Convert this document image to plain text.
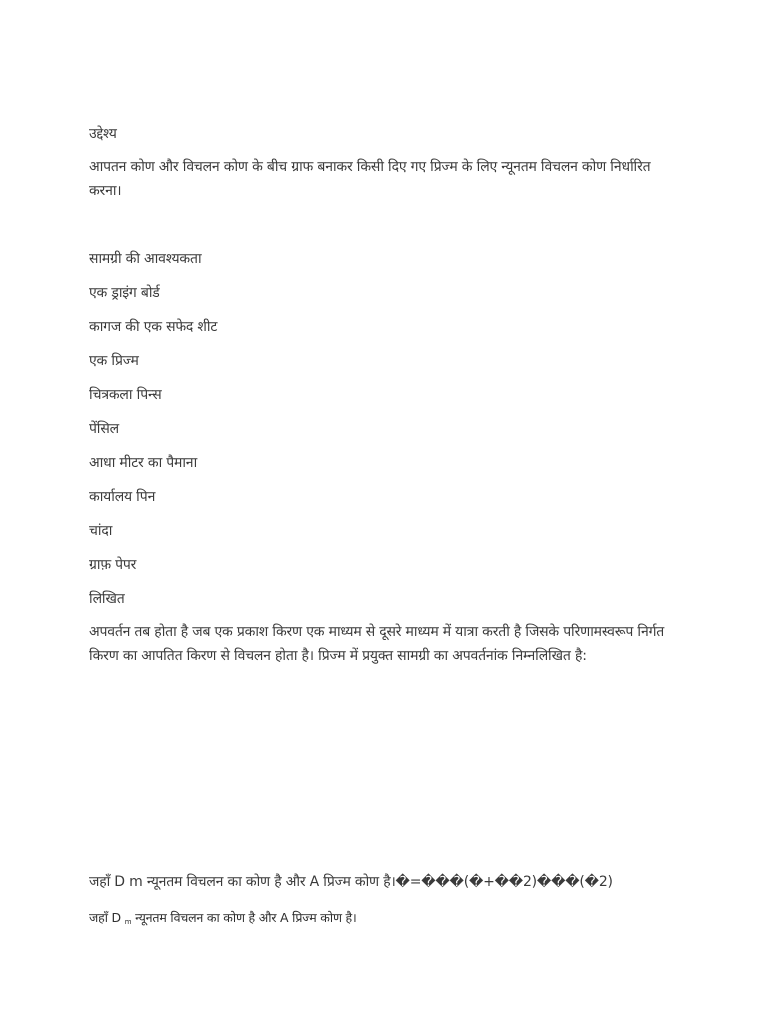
उद्देश्य

आपतन कोण और विचलन कोण के बीच ग्राफ बनाकर किसी दिए गए प्रिज्म के लिए न्यूनतम विचलन कोण निर्धारित करना।

सामग्री की आवश्यकता

एक ड्राइंग बोर्ड

कागज की एक सफेद शीट

एक प्रिज्म

चित्रकला पिन्स

पेंसिल

आधा मीटर का पैमाना

कार्यालय पिन

चांदा

ग्राफ़ पेपर

लिखित

अपवर्तन तब होता है जब एक प्रकाश किरण एक माध्यम से दूसरे माध्यम में यात्रा करती है जिसके परिणामस्वरूप निर्गत किरण का आपतित किरण से विचलन होता है। प्रिज्म में प्रयुक्त सामग्री का अपवर्तनांक निम्नलिखित है:

जहाँ D m न्यूनतम विचलन का कोण है और A प्रिज्म कोण है।�=���(�+��2)���(�2)

जहाँ D $_m$ न्यूनतम विचलन का कोण है और A प्रिज्म कोण है।
